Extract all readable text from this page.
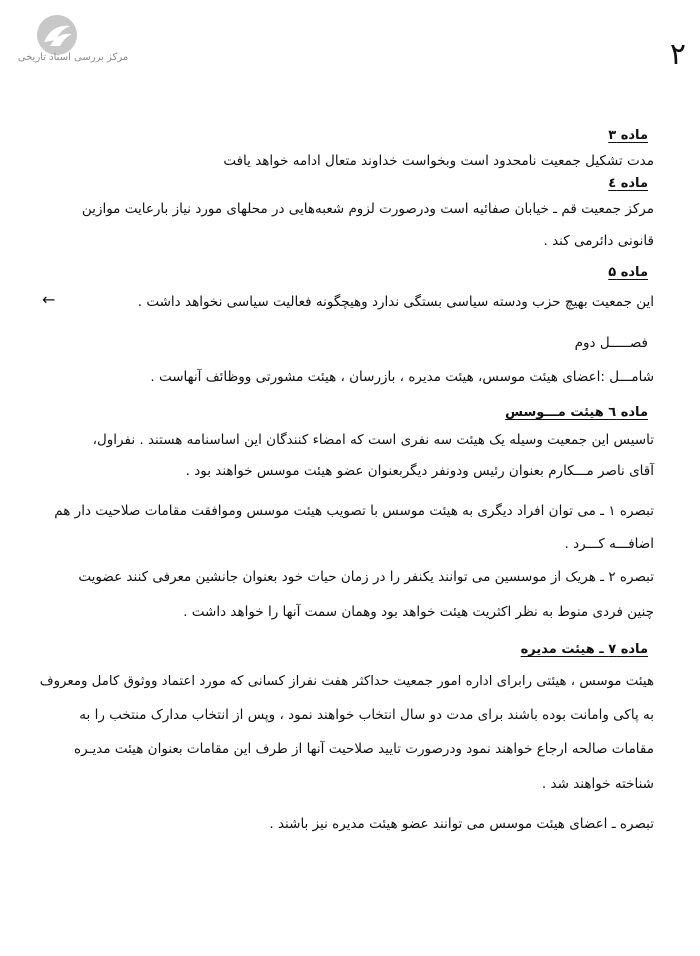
مرکز بررسی اسناد تاریخی	۲
←
ماده ۳
مدت تشکیل جمعیت نامحدود است وبخواست خداوند متعال ادامه خواهد یافت
ماده ٤
مرکز جمعیت قم ـ خیابان صفائیه است ودرصورت لزوم شعبه‌هایی در محلهای مورد نیاز بارعایت موازین
قانونی دائرمی کند .
ماده ۵
این جمعیت بهیچ حزب ودسته سیاسی بستگی ندارد وهیچگونه فعالیت سیاسی نخواهد داشت .
فصـــــل دوم
شامـــل :اعضای هیئت موسس، هیئت مدیره ، بازرسان ، هیئت مشورتی ووظائف آنهاست .
ماده ٦ هیئت مـــوسس
تاسیس این جمعیت وسیله یک هیئت سه نفری است که امضاء کنندگان این اساسنامه هستند . نفراول،
آقای ناصر مـــکارم بعنوان رئیس ودونفر دیگربعنوان عضو هیئت موسس خواهند بود .
تبصره ۱ ـ می توان افراد دیگری به هیئت موسس با تصویب هیئت موسس وموافقت مقامات صلاحیت دار هم
اضافـــه کـــرد .
تبصره ۲ ـ هریک از موسسین می توانند یکنفر را در زمان حیات خود بعنوان جانشین معرفی کنند عضویت
چنین فردی منوط به نظر اکثریت هیئت خواهد بود وهمان سمت آنها را خواهد داشت .
ماده ۷ ـ هیئت مدیره
هیئت موسس ، هیئتی رابرای اداره امور جمعیت حداکثر هفت نفراز کسانی که مورد اعتماد ووثوق کامل ومعروف
به پاکی وامانت بوده باشند برای مدت دو سال انتخاب خواهند نمود ، وپس از انتخاب مدارک منتخب را به
مقامات صالحه ارجاع خواهند نمود ودرصورت تایید صلاحیت آنها از طرف این مقامات بعنوان هیئت مدیـره
شناخته خواهند شد .
تبصره ـ اعضای هیئت موسس می توانند عضو هیئت مدیره نیز باشند .
